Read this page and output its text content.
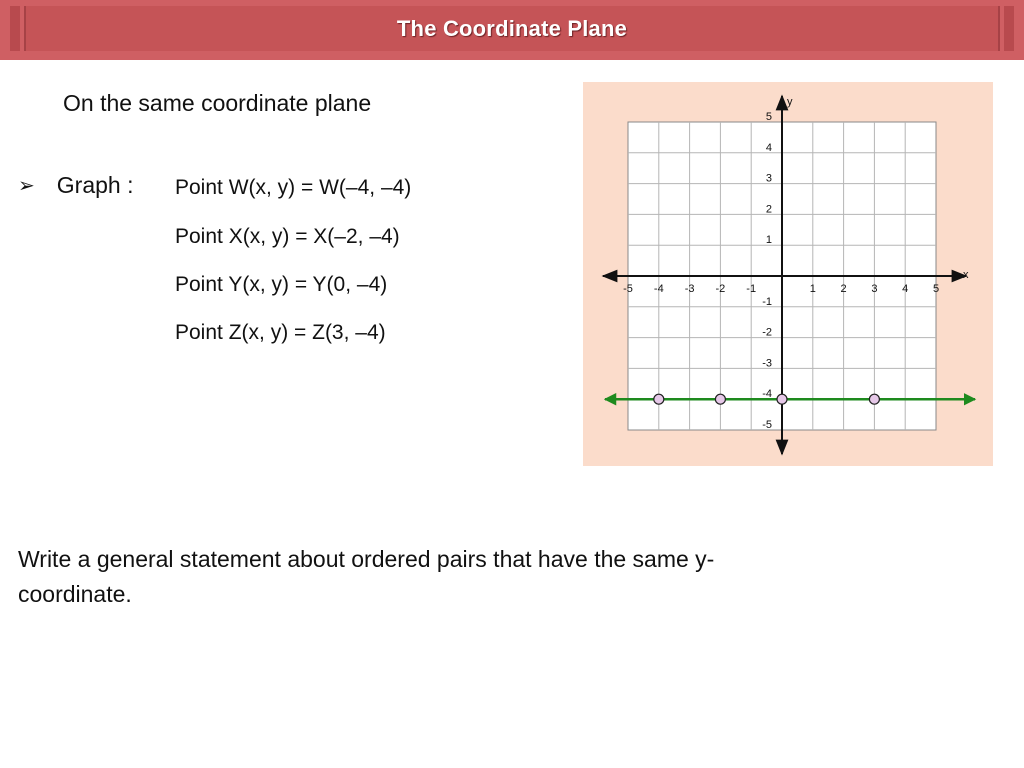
The Coordinate Plane
On the same coordinate plane
➢ Graph : Point W(x, y) = W(–4, –4)
Point X(x, y) = X(–2, –4)
Point Y(x, y) = Y(0, –4)
Point Z(x, y) = Z(3, –4)
Write a general statement about ordered pairs that have the same y-coordinate.
x
y
-5 -4 -3 -2 -1	1 2 3 4 5
5
4
3
2
1
-1
-2
-3
-4
-5
